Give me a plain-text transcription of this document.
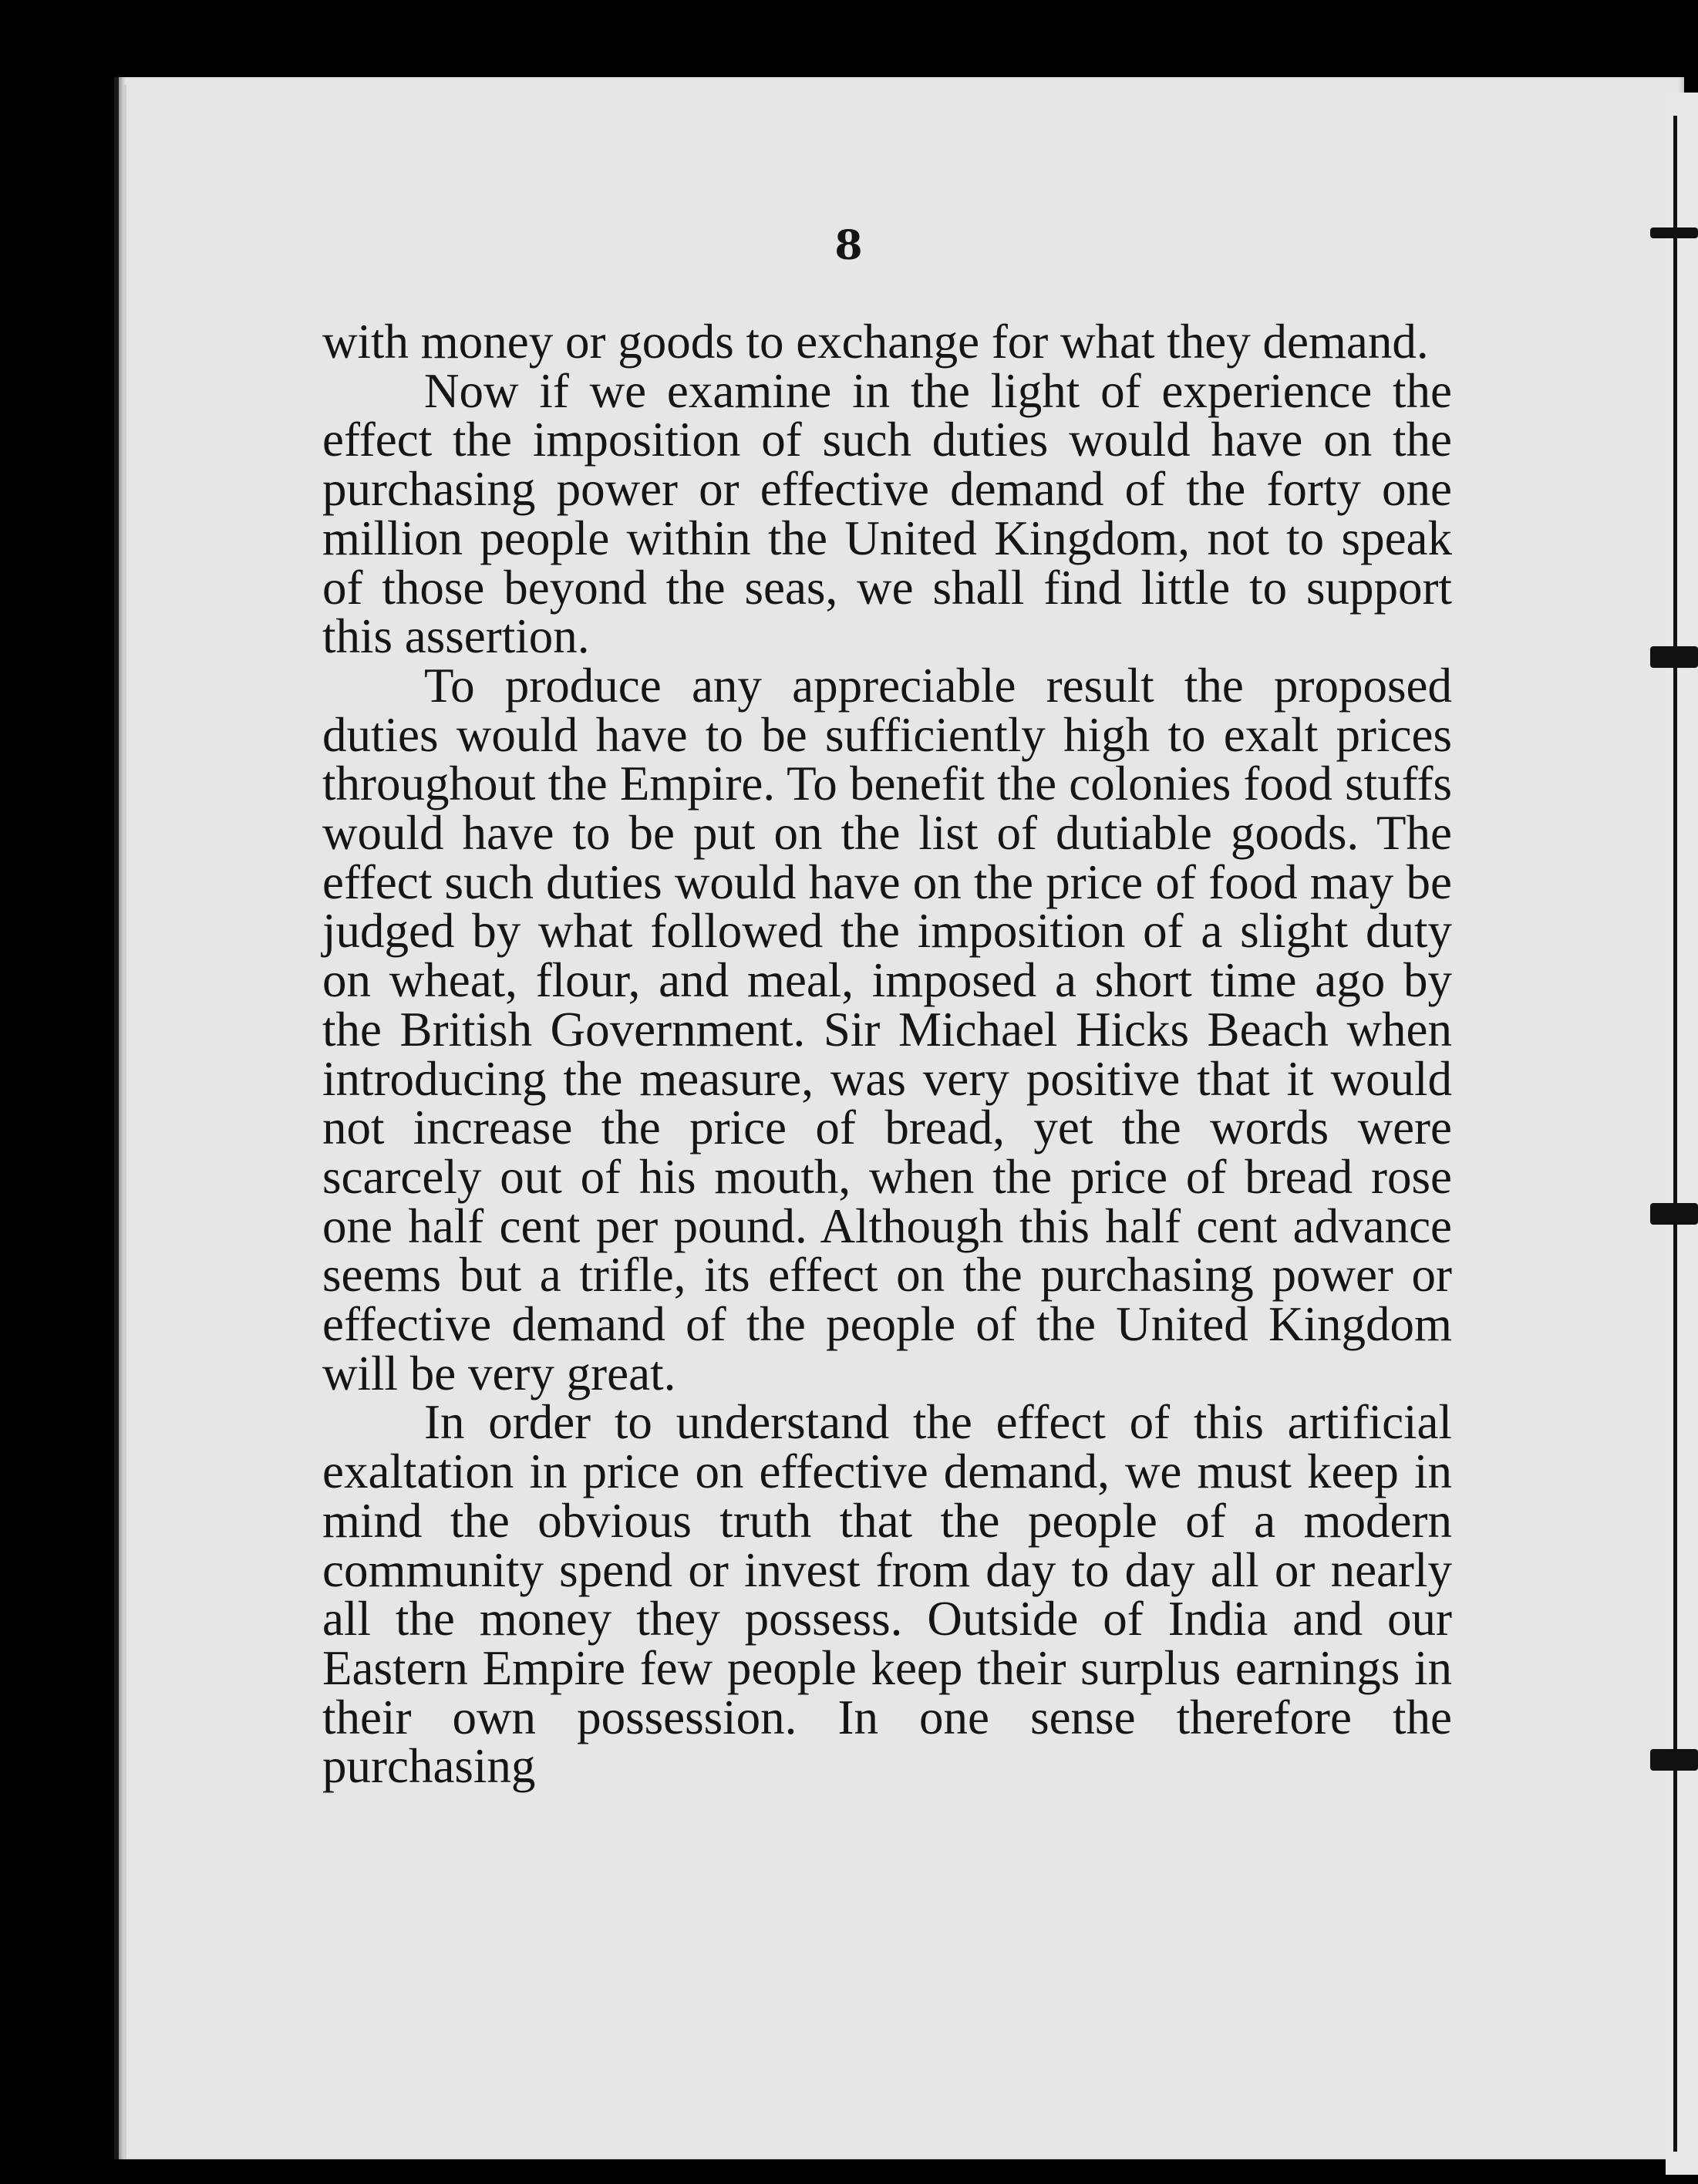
8

with money or goods to exchange for what they demand.

Now if we examine in the light of experience the effect the imposition of such duties would have on the purchasing power or effective demand of the forty one million people within the United Kingdom, not to speak of those beyond the seas, we shall find little to support this assertion.

To produce any appreciable result the proposed duties would have to be sufficiently high to exalt prices throughout the Empire. To benefit the colonies food stuffs would have to be put on the list of dutiable goods. The effect such duties would have on the price of food may be judged by what followed the imposition of a slight duty on wheat, flour, and meal, imposed a short time ago by the British Government. Sir Michael Hicks Beach when introducing the measure, was very positive that it would not increase the price of bread, yet the words were scarcely out of his mouth, when the price of bread rose one half cent per pound. Although this half cent advance seems but a trifle, its effect on the purchasing power or effective demand of the people of the United Kingdom will be very great.

In order to understand the effect of this artificial exaltation in price on effective demand, we must keep in mind the obvious truth that the people of a modern community spend or invest from day to day all or nearly all the money they possess. Outside of India and our Eastern Empire few people keep their surplus earnings in their own possession. In one sense therefore the purchasing
